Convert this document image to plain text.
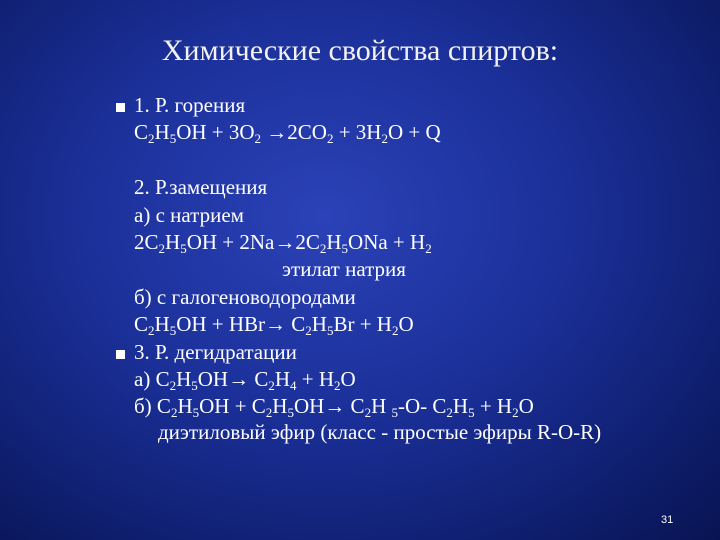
Химические свойства спиртов:
1. Р. горения
$C_2H_5OH + 3O_2 \to 2CO_2 + 3H_2O + Q$
2. Р.замещения
а) с натрием
$2C_2H_5OH + 2Na\to 2C_2H_5ONa + H_2$
этилат натрия
б) с галогеноводородами
$C_2H_5OH + HBr\to C_2H_5Br + H_2O$
3. Р. дегидратации
а) $C_2H_5OH\to C_2H_4 + H_2O$
б) $C_2H_5OH + C_2H_5OH\to C_2H$ $_5$-O- $C_2H_5 + H_2O$
диэтиловый эфир (класс - простые эфиры R-O-R)
31
